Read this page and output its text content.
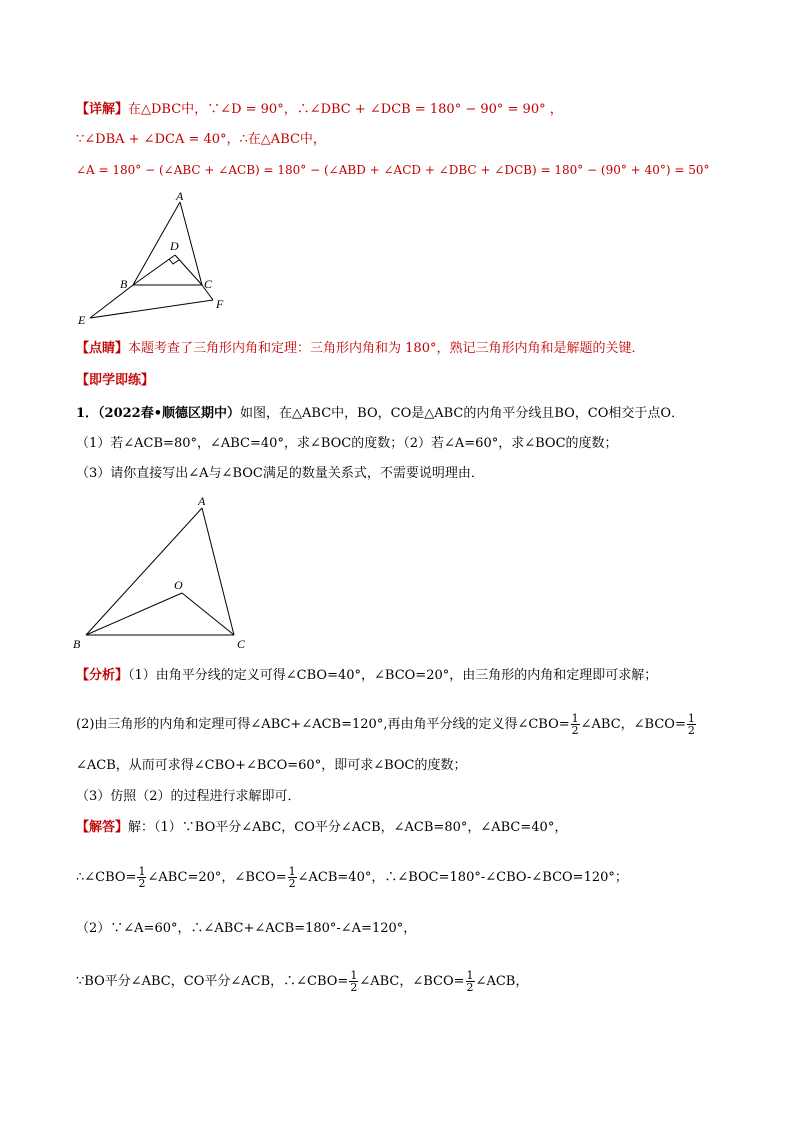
【详解】在△DBC中，∵∠D = 90°，∴∠DBC + ∠DCB = 180° − 90° = 90° ，
∵∠DBA + ∠DCA = 40°，∴在△ABC中，
∠A = 180° − (∠ABC + ∠ACB) = 180° − (∠ABD + ∠ACD + ∠DBC + ∠DCB) = 180° − (90° + 40°) = 50°
A
D
B	C
E
F
【点睛】本题考查了三角形内角和定理：三角形内角和为 180°，熟记三角形内角和是解题的关键．
【即学即练】
1．（2022春•顺德区期中）如图，在△ABC中，BO，CO是△ABC的内角平分线且BO，CO相交于点O．
（1）若∠ACB=80°，∠ABC=40°，求∠BOC的度数；（2）若∠A=60°，求∠BOC的度数；
（3）请你直接写出∠A与∠BOC满足的数量关系式，不需要说明理由．
A
O
B	C
【分析】（1）由角平分线的定义可得∠CBO=40°，∠BCO=20°，由三角形的内角和定理即可求解；
(2)由三角形的内角和定理可得∠ABC+∠ACB=120°,再由角平分线的定义得∠CBO= $\frac{1}{2}$ ∠ABC，∠BCO= $\frac{1}{2}$
∠ACB，从而可求得∠CBO+∠BCO=60°，即可求∠BOC的度数；
（3）仿照（2）的过程进行求解即可．
【解答】解：（1）∵BO平分∠ABC，CO平分∠ACB，∠ACB=80°，∠ABC=40°，
∴∠CBO= $\frac{1}{2}$ ∠ABC=20°，∠BCO= $\frac{1}{2}$ ∠ACB=40°，∴∠BOC=180°-∠CBO-∠BCO=120°；
（2）∵∠A=60°，∴∠ABC+∠ACB=180°-∠A=120°，
∵BO平分∠ABC，CO平分∠ACB，∴∠CBO= $\frac{1}{2}$ ∠ABC，∠BCO= $\frac{1}{2}$ ∠ACB，
